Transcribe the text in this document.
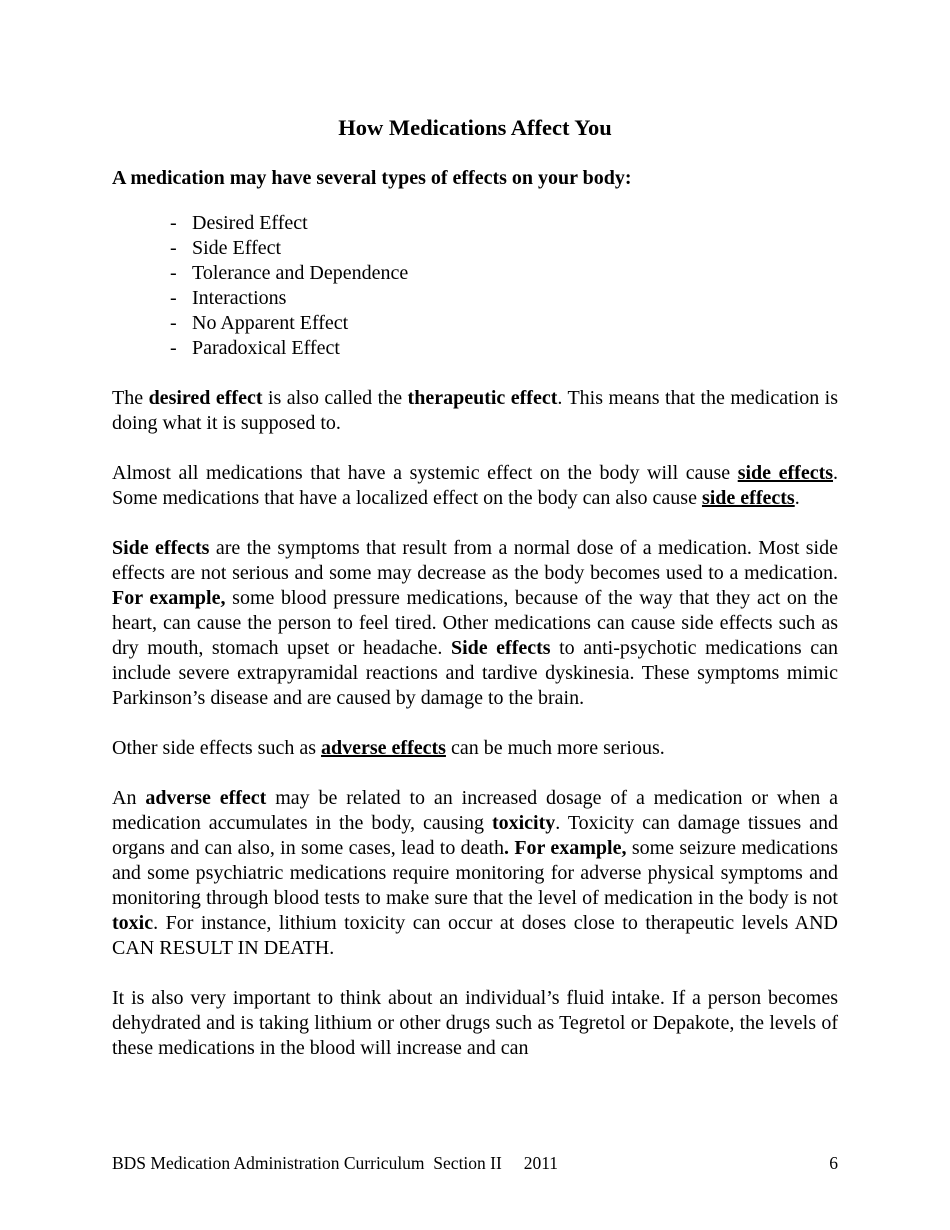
How Medications Affect You
A medication may have several types of effects on your body:
- Desired Effect
- Side Effect
- Tolerance and Dependence
- Interactions
- No Apparent Effect
- Paradoxical Effect

The desired effect is also called the therapeutic effect. This means that the medication is doing what it is supposed to.

Almost all medications that have a systemic effect on the body will cause side effects. Some medications that have a localized effect on the body can also cause side effects.

Side effects are the symptoms that result from a normal dose of a medication. Most side effects are not serious and some may decrease as the body becomes used to a medication. For example, some blood pressure medications, because of the way that they act on the heart, can cause the person to feel tired. Other medications can cause side effects such as dry mouth, stomach upset or headache. Side effects to anti-psychotic medications can include severe extrapyramidal reactions and tardive dyskinesia. These symptoms mimic Parkinson’s disease and are caused by damage to the brain.

Other side effects such as adverse effects can be much more serious.

An adverse effect may be related to an increased dosage of a medication or when a medication accumulates in the body, causing toxicity. Toxicity can damage tissues and organs and can also, in some cases, lead to death. For example, some seizure medications and some psychiatric medications require monitoring for adverse physical symptoms and monitoring through blood tests to make sure that the level of medication in the body is not toxic. For instance, lithium toxicity can occur at doses close to therapeutic levels AND CAN RESULT IN DEATH.

It is also very important to think about an individual’s fluid intake. If a person becomes dehydrated and is taking lithium or other drugs such as Tegretol or Depakote, the levels of these medications in the blood will increase and can

BDS Medication Administration Curriculum  Section II 2011	6
